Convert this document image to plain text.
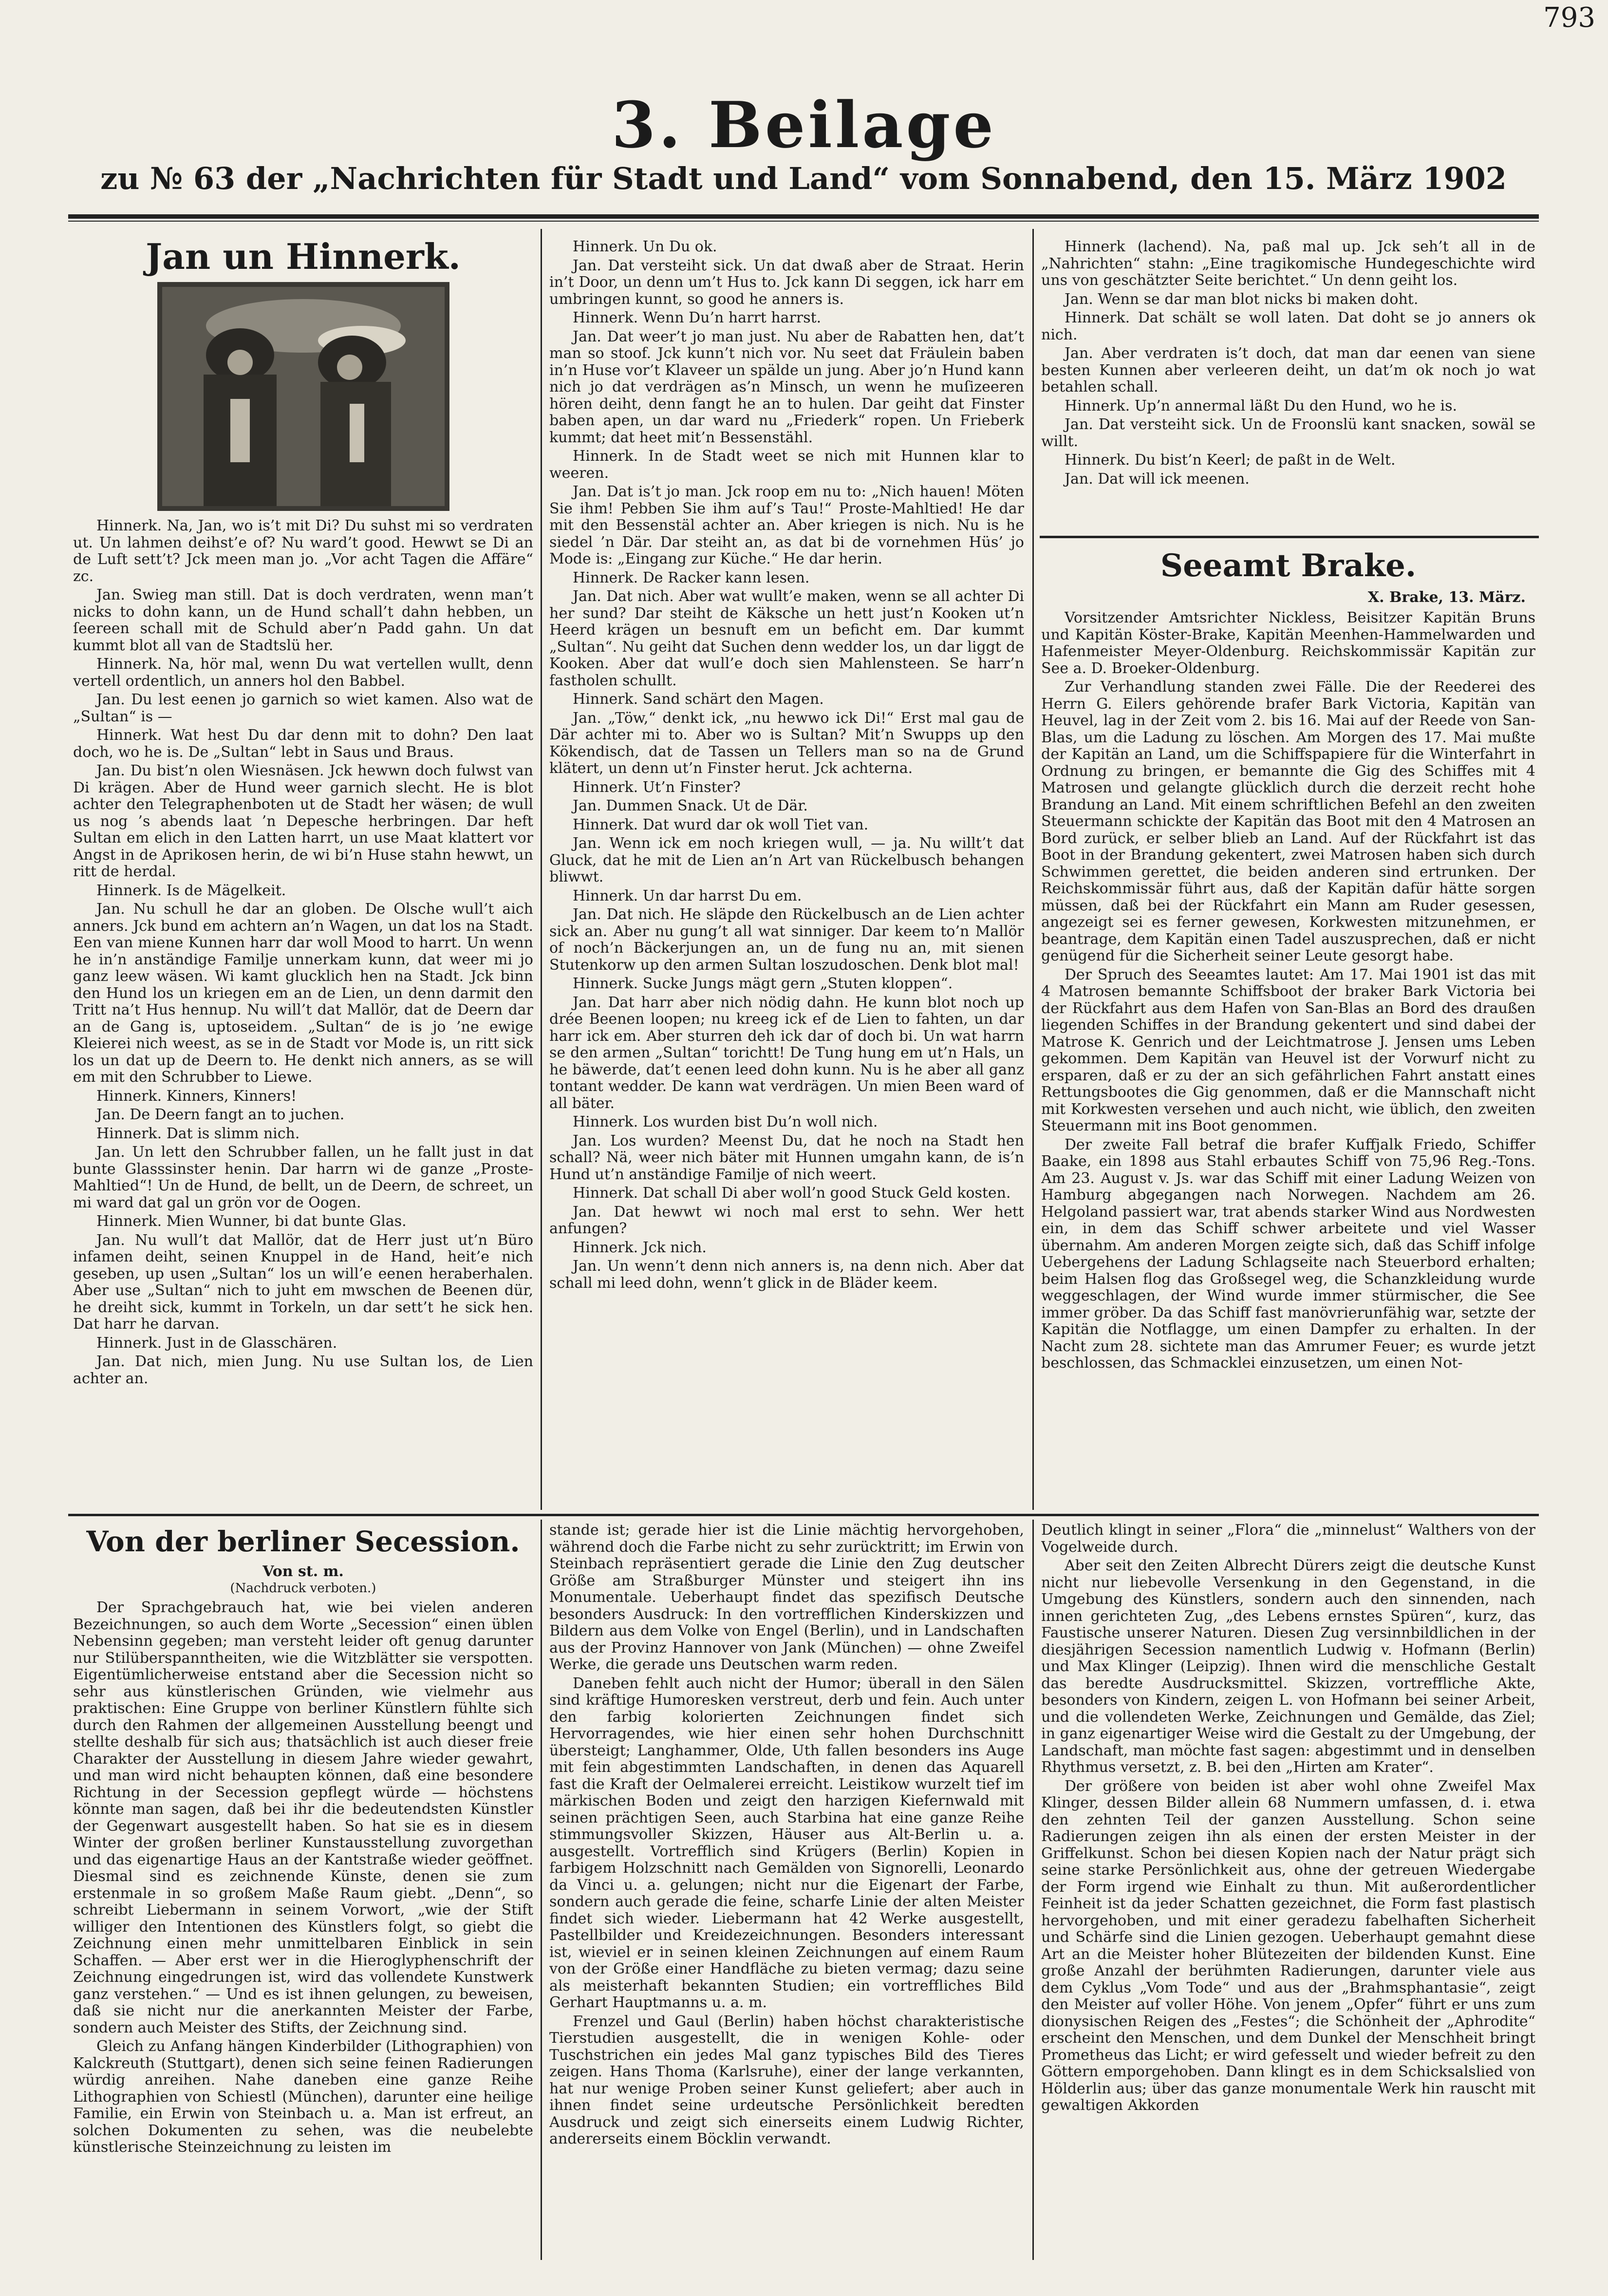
793
3. Beilage
zu № 63 der „Nachrichten für Stadt und Land“ vom Sonnabend, den 15. März 1902
Jan un Hinnerk.

Hinnerk. Na, Jan, wo is’t mit Di? Du suhst mi so verdraten ut. Un lahmen deihst’e of? Nu ward’t good. Hewwt se Di an de Luft sett’t? Jck meen man jo. „Vor acht Tagen die Affäre“ zc.

Jan. Swieg man still. Dat is doch verdraten, wenn man’t nicks to dohn kann, un de Hund schall’t dahn hebben, un ſeereen schall mit de Schuld aber’n Padd gahn. Un dat kummt blot all van de Stadtslü her.

Hinnerk. Na, hör mal, wenn Du wat vertellen wullt, denn vertell ordentlich, un anners hol den Babbel.

Jan. Du lest eenen jo garnich so wiet kamen. Also wat de „Sultan“ is —

Hinnerk. Wat hest Du dar denn mit to dohn? Den laat doch, wo he is. De „Sultan“ lebt in Saus und Braus.

Jan. Du bist’n olen Wiesnäsen. Jck hewwn doch fulwst van Di krägen. Aber de Hund weer garnich slecht. He is blot achter den Telegraphenboten ut de Stadt her wäsen; de wull us nog ’s abends laat ’n Depesche herbringen. Dar heft Sultan em elich in den Latten harrt, un use Maat klattert vor Angst in de Aprikosen herin, de wi bi’n Huse stahn hewwt, un ritt de herdal.

Hinnerk. Is de Mägelkeit.

Jan. Nu schull he dar an globen. De Olsche wull’t aich anners. Jck bund em achtern an’n Wagen, un dat los na Stadt. Een van miene Kunnen harr dar woll Mood to harrt. Un wenn he in’n anständige Familje unnerkam kunn, dat weer mi jo ganz leew wäsen. Wi kamt glucklich hen na Stadt. Jck binn den Hund los un kriegen em an de Lien, un denn darmit den Tritt na’t Hus hennup. Nu will’t dat Mallör, dat de Deern dar an de Gang is, uptoseidem. „Sultan“ de is jo ’ne ewige Kleierei nich weest, as se in de Stadt vor Mode is, un ritt sick los un dat up de Deern to. He denkt nich anners, as se will em mit den Schrubber to Liewe.

Hinnerk. Kinners, Kinners!

Jan. De Deern fangt an to juchen.

Hinnerk. Dat is slimm nich.

Jan. Un lett den Schrubber fallen, un he fallt just in dat bunte Glasssinster henin. Dar harrn wi de ganze „Proste-Mahltied“! Un de Hund, de bellt, un de Deern, de schreet, un mi ward dat gal un grön vor de Oogen.

Hinnerk. Mien Wunner, bi dat bunte Glas.

Jan. Nu wull’t dat Mallör, dat de Herr just ut’n Büro infamen deiht, seinen Knuppel in de Hand, heit’e nich geseben, up usen „Sultan“ los un will’e eenen heraberhalen. Aber use „Sultan“ nich to juht em mwschen de Beenen dür, he dreiht sick, kummt in Torkeln, un dar sett’t he sick hen. Dat harr he darvan.

Hinnerk. Just in de Glasschären.

Jan. Dat nich, mien Jung. Nu use Sultan los, de Lien achter an.

Hinnerk. Un Du ok.

Jan. Dat versteiht sick. Un dat dwaß aber de Straat. Herin in’t Door, un denn um’t Hus to. Jck kann Di seggen, ick harr em umbringen kunnt, so good he anners is.

Hinnerk. Wenn Du’n harrt harrst.

Jan. Dat weer’t jo man just. Nu aber de Rabatten hen, dat’t man so stoof. Jck kunn’t nich vor. Nu seet dat Fräulein baben in’n Huse vor’t Klaveer un spälde un jung. Aber jo’n Hund kann nich jo dat verdrägen as’n Minsch, un wenn he muſizeeren hören deiht, denn fangt he an to hulen. Dar geiht dat Finster baben apen, un dar ward nu „Friederk“ ropen. Un Frieberk kummt; dat heet mit’n Bessenstähl.

Hinnerk. In de Stadt weet se nich mit Hunnen klar to weeren.

Jan. Dat is’t jo man. Jck roop em nu to: „Nich hauen! Möten Sie ihm! Pebben Sie ihm auf’s Tau!“ Proste-Mahltied! He dar mit den Bessenstäl achter an. Aber kriegen is nich. Nu is he siedel ’n Där. Dar steiht an, as dat bi de vornehmen Hüs’ jo Mode is: „Eingang zur Küche.“ He dar herin.

Hinnerk. De Racker kann lesen.

Jan. Dat nich. Aber wat wullt’e maken, wenn se all achter Di her sund? Dar steiht de Käksche un hett just’n Kooken ut’n Heerd krägen un besnuft em un beficht em. Dar kummt „Sultan“. Nu geiht dat Suchen denn wedder los, un dar liggt de Kooken. Aber dat wull’e doch sien Mahlensteen. Se harr’n fastholen schullt.

Hinnerk. Sand schärt den Magen.

Jan. „Töw,“ denkt ick, „nu hewwo ick Di!“ Erst mal gau de Där achter mi to. Aber wo is Sultan? Mit’n Swupps up den Kökendisch, dat de Tassen un Tellers man so na de Grund klätert, un denn ut’n Finster herut. Jck achterna.

Hinnerk. Ut’n Finster?

Jan. Dummen Snack. Ut de Där.

Hinnerk. Dat wurd dar ok woll Tiet van.

Jan. Wenn ick em noch kriegen wull, — ja. Nu willt’t dat Gluck, dat he mit de Lien an’n Art van Rückelbusch behangen bliwwt.

Hinnerk. Un dar harrst Du em.

Jan. Dat nich. He släpde den Rückelbusch an de Lien achter sick an. Aber nu gung’t all wat sinniger. Dar keem to’n Mallör of noch’n Bäckerjungen an, un de fung nu an, mit sienen Stutenkorw up den armen Sultan loszudoschen. Denk blot mal!

Hinnerk. Sucke Jungs mägt gern „Stuten kloppen“.

Jan. Dat harr aber nich nödig dahn. He kunn blot noch up drée Beenen loopen; nu kreeg ick ef de Lien to fahten, un dar harr ick em. Aber sturren deh ick dar of doch bi. Un wat harrn se den armen „Sultan“ torichtt! De Tung hung em ut’n Hals, un he bäwerde, dat’t eenen leed dohn kunn. Nu is he aber all ganz tontant wedder. De kann wat verdrägen. Un mien Been ward of all bäter.

Hinnerk. Los wurden bist Du’n woll nich.

Jan. Los wurden? Meenst Du, dat he noch na Stadt hen schall? Nä, weer nich bäter mit Hunnen umgahn kann, de is’n Hund ut’n anständige Familje of nich weert.

Hinnerk. Dat schall Di aber woll’n good Stuck Geld kosten.

Jan. Dat hewwt wi noch mal erst to sehn. Wer hett anfungen?

Hinnerk. Jck nich.

Jan. Un wenn’t denn nich anners is, na denn nich. Aber dat schall mi leed dohn, wenn’t glick in de Bläder keem.

Hinnerk (lachend). Na, paß mal up. Jck seh’t all in de „Nahrichten“ stahn: „Eine tragikomische Hundegeschichte wird uns von geschätzter Seite berichtet.“ Un denn geiht los.

Jan. Wenn se dar man blot nicks bi maken doht.

Hinnerk. Dat schält se woll laten. Dat doht se jo anners ok nich.

Jan. Aber verdraten is’t doch, dat man dar eenen van siene besten Kunnen aber verleeren deiht, un dat’m ok noch jo wat betahlen schall.

Hinnerk. Up’n annermal läßt Du den Hund, wo he is.

Jan. Dat versteiht sick. Un de Froonslü kant snacken, sowäl se willt.

Hinnerk. Du bist’n Keerl; de paßt in de Welt.

Jan. Dat will ick meenen.

Seeamt Brake.
X. Brake, 13. März.

Vorsitzender Amtsrichter Nickless, Beisitzer Kapitän Bruns und Kapitän Köster-Brake, Kapitän Meenhen-Hammelwarden und Hafenmeister Meyer-Oldenburg. Reichskommissär Kapitän zur See a. D. Broeker-Oldenburg.

Zur Verhandlung standen zwei Fälle. Die der Reederei des Herrn G. Eilers gehörende brafer Bark Victoria, Kapitän van Heuvel, lag in der Zeit vom 2. bis 16. Mai auf der Reede von San-Blas, um die Ladung zu löschen. Am Morgen des 17. Mai mußte der Kapitän an Land, um die Schiffspapiere für die Winterfahrt in Ordnung zu bringen, er bemannte die Gig des Schiffes mit 4 Matrosen und gelangte glücklich durch die derzeit recht hohe Brandung an Land. Mit einem schriftlichen Befehl an den zweiten Steuermann schickte der Kapitän das Boot mit den 4 Matrosen an Bord zurück, er selber blieb an Land. Auf der Rückfahrt ist das Boot in der Brandung gekentert, zwei Matrosen haben sich durch Schwimmen gerettet, die beiden anderen sind ertrunken. Der Reichskommissär führt aus, daß der Kapitän dafür hätte sorgen müssen, daß bei der Rückfahrt ein Mann am Ruder gesessen, angezeigt sei es ferner gewesen, Korkwesten mitzunehmen, er beantrage, dem Kapitän einen Tadel auszusprechen, daß er nicht genügend für die Sicherheit seiner Leute gesorgt habe.

Der Spruch des Seeamtes lautet: Am 17. Mai 1901 ist das mit 4 Matrosen bemannte Schiffsboot der braker Bark Victoria bei der Rückfahrt aus dem Hafen von San-Blas an Bord des draußen liegenden Schiffes in der Brandung gekentert und sind dabei der Matrose K. Genrich und der Leichtmatrose J. Jensen ums Leben gekommen. Dem Kapitän van Heuvel ist der Vorwurf nicht zu ersparen, daß er zu der an sich gefährlichen Fahrt anstatt eines Rettungsbootes die Gig genommen, daß er die Mannschaft nicht mit Korkwesten versehen und auch nicht, wie üblich, den zweiten Steuermann mit ins Boot genommen.

Der zweite Fall betraf die brafer Kuffjalk Friedo, Schiffer Baake, ein 1898 aus Stahl erbautes Schiff von 75,96 Reg.-Tons. Am 23. August v. Js. war das Schiff mit einer Ladung Weizen von Hamburg abgegangen nach Norwegen. Nachdem am 26. Helgoland passiert war, trat abends starker Wind aus Nordwesten ein, in dem das Schiff schwer arbeitete und viel Wasser übernahm. Am anderen Morgen zeigte sich, daß das Schiff infolge Uebergehens der Ladung Schlagseite nach Steuerbord erhalten; beim Halsen flog das Großsegel weg, die Schanzkleidung wurde weggeschlagen, der Wind wurde immer stürmischer, die See immer gröber. Da das Schiff fast manövrierunfähig war, setzte der Kapitän die Notflagge, um einen Dampfer zu erhalten. In der Nacht zum 28. sichtete man das Amrumer Feuer; es wurde jetzt beschlossen, das Schmacklei einzusetzen, um einen Not-

Von der berliner Secession.
Von st. m.
(Nachdruck verboten.)

Der Sprachgebrauch hat, wie bei vielen anderen Bezeichnungen, so auch dem Worte „Secession“ einen üblen Nebensinn gegeben; man versteht leider oft genug darunter nur Stilüberspanntheiten, wie die Witzblätter sie verspotten. Eigentümlicherweise entstand aber die Secession nicht so sehr aus künstlerischen Gründen, wie vielmehr aus praktischen: Eine Gruppe von berliner Künstlern fühlte sich durch den Rahmen der allgemeinen Ausstellung beengt und stellte deshalb für sich aus; thatsächlich ist auch dieser freie Charakter der Ausstellung in diesem Jahre wieder gewahrt, und man wird nicht behaupten können, daß eine besondere Richtung in der Secession gepflegt würde — höchstens könnte man sagen, daß bei ihr die bedeutendsten Künstler der Gegenwart ausgestellt haben. So hat sie es in diesem Winter der großen berliner Kunstausstellung zuvorgethan und das eigenartige Haus an der Kantstraße wieder geöffnet. Diesmal sind es zeichnende Künste, denen sie zum erstenmale in so großem Maße Raum giebt. „Denn“, so schreibt Liebermann in seinem Vorwort, „wie der Stift williger den Intentionen des Künstlers folgt, so giebt die Zeichnung einen mehr unmittelbaren Einblick in sein Schaffen. — Aber erst wer in die Hieroglyphenschrift der Zeichnung eingedrungen ist, wird das vollendete Kunstwerk ganz verstehen.“ — Und es ist ihnen gelungen, zu beweisen, daß sie nicht nur die anerkannten Meister der Farbe, sondern auch Meister des Stifts, der Zeichnung sind.

Gleich zu Anfang hängen Kinderbilder (Lithographien) von Kalckreuth (Stuttgart), denen sich seine feinen Radierungen würdig anreihen. Nahe daneben eine ganze Reihe Lithographien von Schiestl (München), darunter eine heilige Familie, ein Erwin von Steinbach u. a. Man ist erfreut, an solchen Dokumenten zu sehen, was die neubelebte künstlerische Steinzeichnung zu leisten im

stande ist; gerade hier ist die Linie mächtig hervorgehoben, während doch die Farbe nicht zu sehr zurücktritt; im Erwin von Steinbach repräsentiert gerade die Linie den Zug deutscher Größe am Straßburger Münster und steigert ihn ins Monumentale. Ueberhaupt findet das spezifisch Deutsche besonders Ausdruck: In den vortrefflichen Kinderskizzen und Bildern aus dem Volke von Engel (Berlin), und in Landschaften aus der Provinz Hannover von Jank (München) — ohne Zweifel Werke, die gerade uns Deutschen warm reden.

Daneben fehlt auch nicht der Humor; überall in den Sälen sind kräftige Humoresken verstreut, derb und fein. Auch unter den farbig kolorierten Zeichnungen findet sich Hervorragendes, wie hier einen sehr hohen Durchschnitt übersteigt; Langhammer, Olde, Uth fallen besonders ins Auge mit fein abgestimmten Landschaften, in denen das Aquarell fast die Kraft der Oelmalerei erreicht. Leistikow wurzelt tief im märkischen Boden und zeigt den harzigen Kiefernwald mit seinen prächtigen Seen, auch Starbina hat eine ganze Reihe stimmungsvoller Skizzen, Häuser aus Alt-Berlin u. a. ausgestellt. Vortrefflich sind Krügers (Berlin) Kopien in farbigem Holzschnitt nach Gemälden von Signorelli, Leonardo da Vinci u. a. gelungen; nicht nur die Eigenart der Farbe, sondern auch gerade die feine, scharfe Linie der alten Meister findet sich wieder. Liebermann hat 42 Werke ausgestellt, Pastellbilder und Kreidezeichnungen. Besonders interessant ist, wieviel er in seinen kleinen Zeichnungen auf einem Raum von der Größe einer Handfläche zu bieten vermag; dazu seine als meisterhaft bekannten Studien; ein vortreffliches Bild Gerhart Hauptmanns u. a. m.

Frenzel und Gaul (Berlin) haben höchst charakteristische Tierstudien ausgestellt, die in wenigen Kohle- oder Tuschstrichen ein jedes Mal ganz typisches Bild des Tieres zeigen. Hans Thoma (Karlsruhe), einer der lange verkannten, hat nur wenige Proben seiner Kunst geliefert; aber auch in ihnen findet seine urdeutsche Persönlichkeit beredten Ausdruck und zeigt sich einerseits einem Ludwig Richter, andererseits einem Böcklin verwandt.

Deutlich klingt in seiner „Flora“ die „minnelust“ Walthers von der Vogelweide durch.

Aber seit den Zeiten Albrecht Dürers zeigt die deutsche Kunst nicht nur liebevolle Versenkung in den Gegenstand, in die Umgebung des Künstlers, sondern auch den sinnenden, nach innen gerichteten Zug, „des Lebens ernstes Spüren“, kurz, das Faustische unserer Naturen. Diesen Zug versinnbildlichen in der diesjährigen Secession namentlich Ludwig v. Hofmann (Berlin) und Max Klinger (Leipzig). Ihnen wird die menschliche Gestalt das beredte Ausdrucksmittel. Skizzen, vortreffliche Akte, besonders von Kindern, zeigen L. von Hofmann bei seiner Arbeit, und die vollendeten Werke, Zeichnungen und Gemälde, das Ziel; in ganz eigenartiger Weise wird die Gestalt zu der Umgebung, der Landschaft, man möchte fast sagen: abgestimmt und in denselben Rhythmus versetzt, z. B. bei den „Hirten am Krater“.

Der größere von beiden ist aber wohl ohne Zweifel Max Klinger, dessen Bilder allein 68 Nummern umfassen, d. i. etwa den zehnten Teil der ganzen Ausstellung. Schon seine Radierungen zeigen ihn als einen der ersten Meister in der Griffelkunst. Schon bei diesen Kopien nach der Natur prägt sich seine starke Persönlichkeit aus, ohne der getreuen Wiedergabe der Form irgend wie Einhalt zu thun. Mit außerordentlicher Feinheit ist da jeder Schatten gezeichnet, die Form fast plastisch hervorgehoben, und mit einer geradezu fabelhaften Sicherheit und Schärfe sind die Linien gezogen. Ueberhaupt gemahnt diese Art an die Meister hoher Blütezeiten der bildenden Kunst. Eine große Anzahl der berühmten Radierungen, darunter viele aus dem Cyklus „Vom Tode“ und aus der „Brahmsphantasie“, zeigt den Meister auf voller Höhe. Von jenem „Opfer“ führt er uns zum dionysischen Reigen des „Festes“; die Schönheit der „Aphrodite“ erscheint den Menschen, und dem Dunkel der Menschheit bringt Prometheus das Licht; er wird gefesselt und wieder befreit zu den Göttern emporgehoben. Dann klingt es in dem Schicksalslied von Hölderlin aus; über das ganze monumentale Werk hin rauscht mit gewaltigen Akkorden
